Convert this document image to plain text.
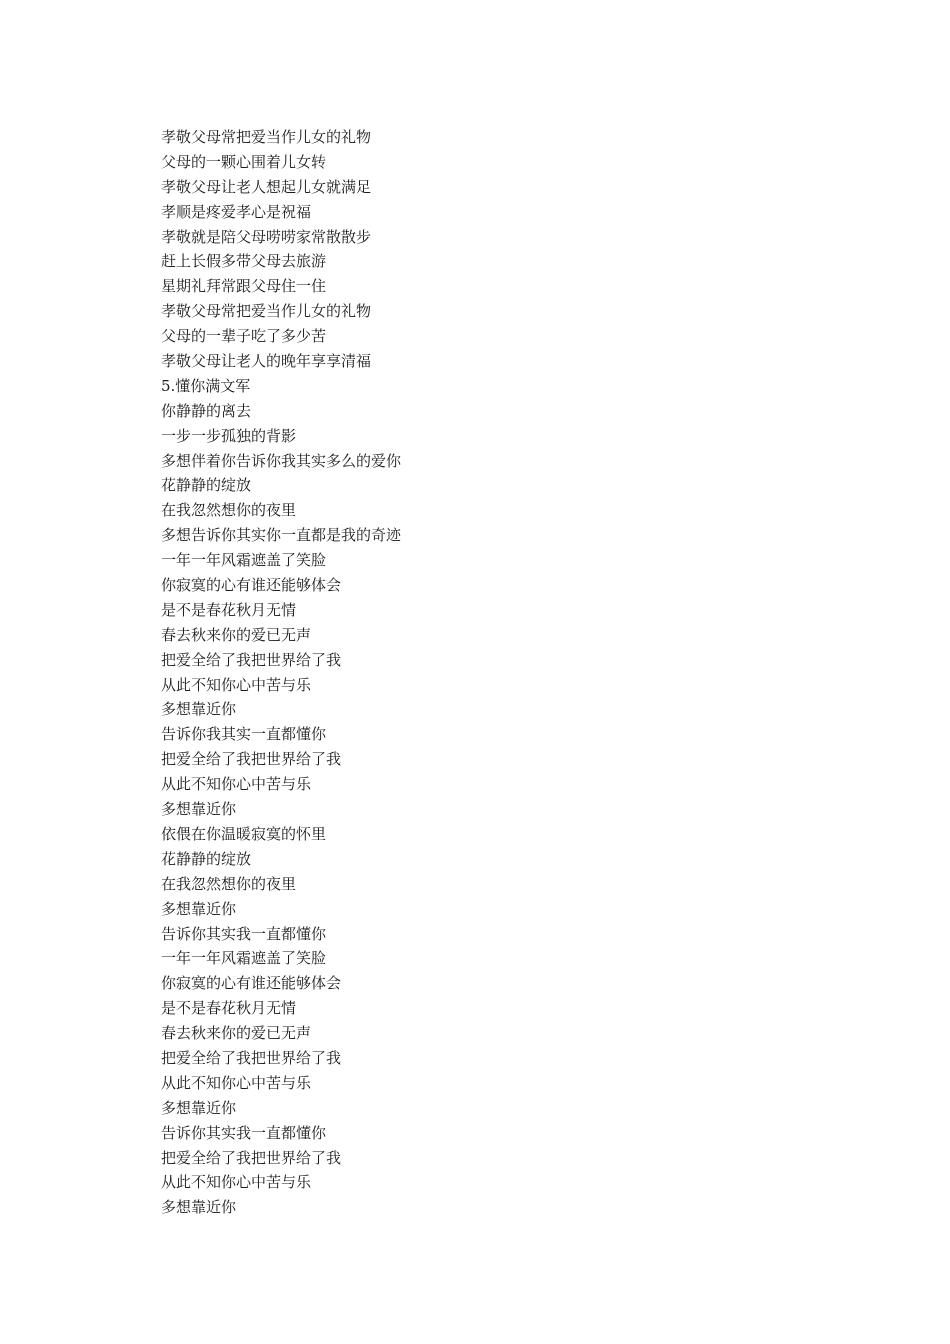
孝敬父母常把爱当作儿女的礼物
父母的一颗心围着儿女转
孝敬父母让老人想起儿女就满足
孝顺是疼爱孝心是祝福
孝敬就是陪父母唠唠家常散散步
赶上长假多带父母去旅游
星期礼拜常跟父母住一住
孝敬父母常把爱当作儿女的礼物
父母的一辈子吃了多少苦
孝敬父母让老人的晚年享享清福
5.懂你满文军
你静静的离去
一步一步孤独的背影
多想伴着你告诉你我其实多么的爱你
花静静的绽放
在我忽然想你的夜里
多想告诉你其实你一直都是我的奇迹
一年一年风霜遮盖了笑脸
你寂寞的心有谁还能够体会
是不是春花秋月无情
春去秋来你的爱已无声
把爱全给了我把世界给了我
从此不知你心中苦与乐
多想靠近你
告诉你我其实一直都懂你
把爱全给了我把世界给了我
从此不知你心中苦与乐
多想靠近你
依偎在你温暖寂寞的怀里
花静静的绽放
在我忽然想你的夜里
多想靠近你
告诉你其实我一直都懂你
一年一年风霜遮盖了笑脸
你寂寞的心有谁还能够体会
是不是春花秋月无情
春去秋来你的爱已无声
把爱全给了我把世界给了我
从此不知你心中苦与乐
多想靠近你
告诉你其实我一直都懂你
把爱全给了我把世界给了我
从此不知你心中苦与乐
多想靠近你
